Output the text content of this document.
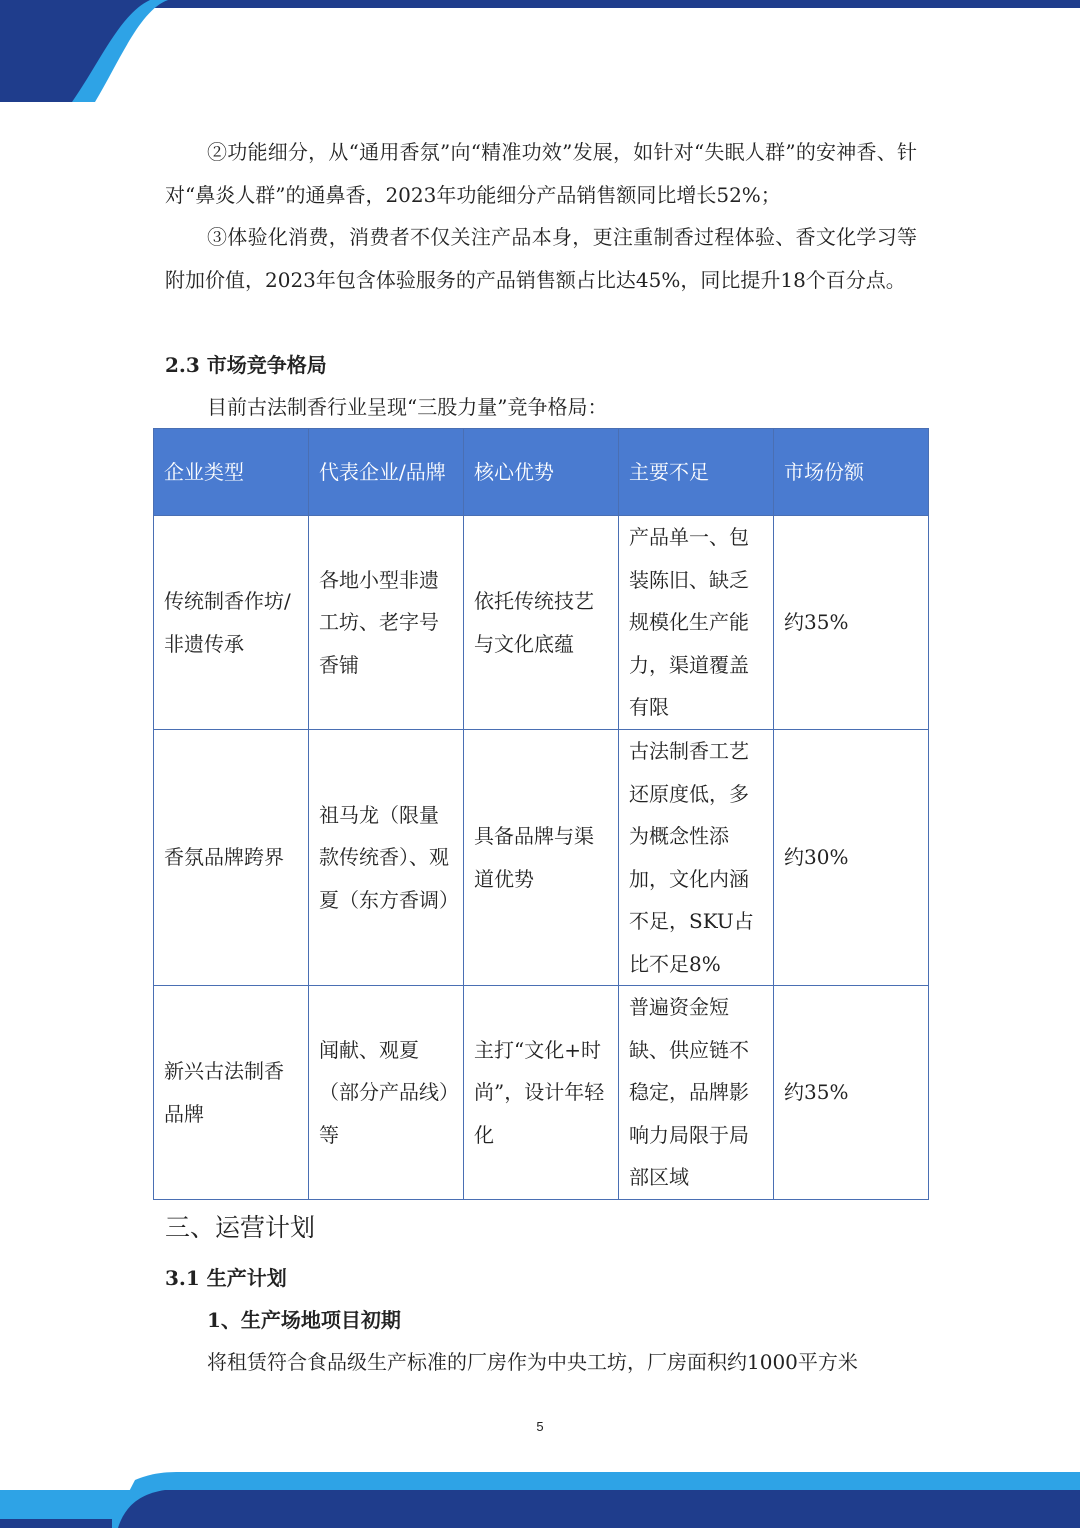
②功能细分，从“通用香氛”向“精准功效”发展，如针对“失眠人群”的安神香、针对“鼻炎人群”的通鼻香，2023年功能细分产品销售额同比增长52%；

③体验化消费，消费者不仅关注产品本身，更注重制香过程体验、香文化学习等附加价值，2023年包含体验服务的产品销售额占比达45%，同比提升18个百分点。

2.3 市场竞争格局

目前古法制香行业呈现“三股力量”竞争格局：

企业类型	代表企业/品牌	核心优势	主要不足	市场份额
传统制香作坊/非遗传承	各地小型非遗工坊、老字号香铺	依托传统技艺与文化底蕴	产品单一、包装陈旧、缺乏规模化生产能力，渠道覆盖有限	约35%
香氛品牌跨界	祖马龙（限量款传统香）、观夏（东方香调）	具备品牌与渠道优势	古法制香工艺还原度低，多为概念性添加，文化内涵不足，SKU占比不足8%	约30%
新兴古法制香品牌	闻献、观夏（部分产品线）等	主打“文化+时尚”，设计年轻化	普遍资金短缺、供应链不稳定，品牌影响力局限于局部区域	约35%
三、运营计划
3.1 生产计划
1、生产场地项目初期

将租赁符合食品级生产标准的厂房作为中央工坊，厂房面积约1000平方米

5
